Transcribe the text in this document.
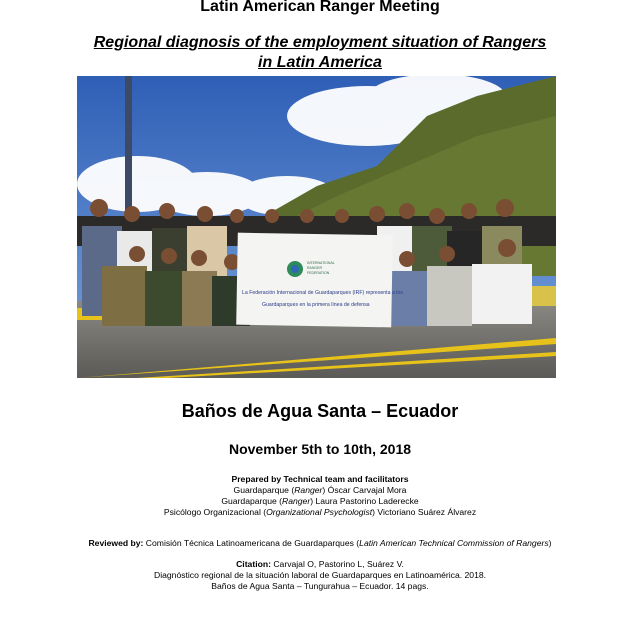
Latin American Ranger Meeting
Regional diagnosis of the employment situation of Rangers
in Latin America
INTERNATIONAL
RANGER
FEDERATION
La Federación Internacional de Guardaparques (IRF) representa a los
Guardaparques en la primera línea de defensa
Baños de Agua Santa – Ecuador
November 5th to 10th, 2018
Prepared by Technical team and facilitators
Guardaparque (Ranger) Óscar Carvajal Mora
Guardaparque (Ranger) Laura Pastorino Laderecke
Psicólogo Organizacional (Organizational Psychologist) Victoriano Suárez Álvarez
Reviewed by: Comisión Técnica Latinoamericana de Guardaparques (Latin American Technical Commission of Rangers)
Citation: Carvajal O, Pastorino L, Suárez V.
Diagnóstico regional de la situación laboral de Guardaparques en Latinoamérica. 2018.
Baños de Agua Santa – Tungurahua – Ecuador. 14 pags.
